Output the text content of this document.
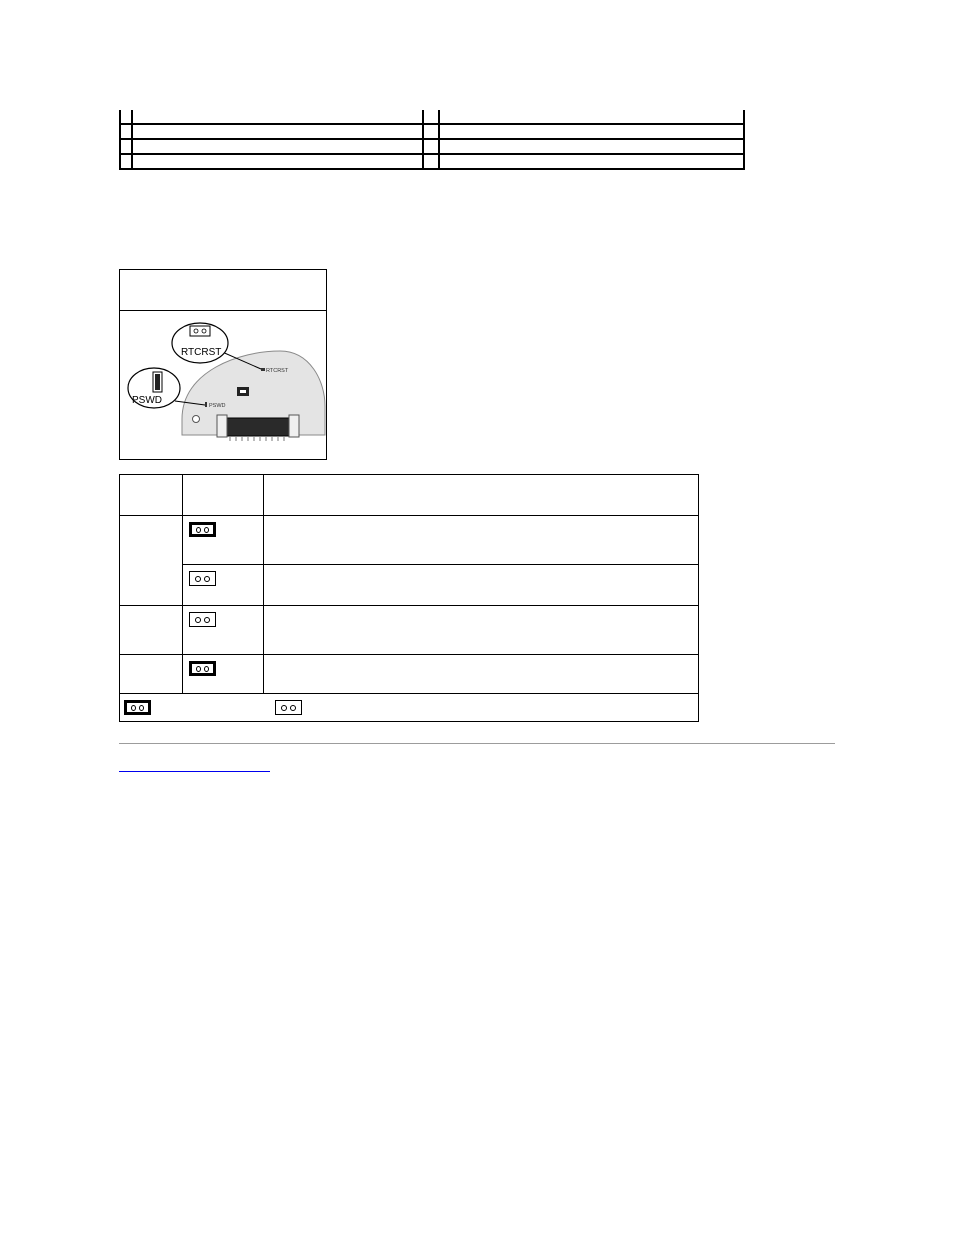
RTCRST
PSWD
RTCRST
PSWD
